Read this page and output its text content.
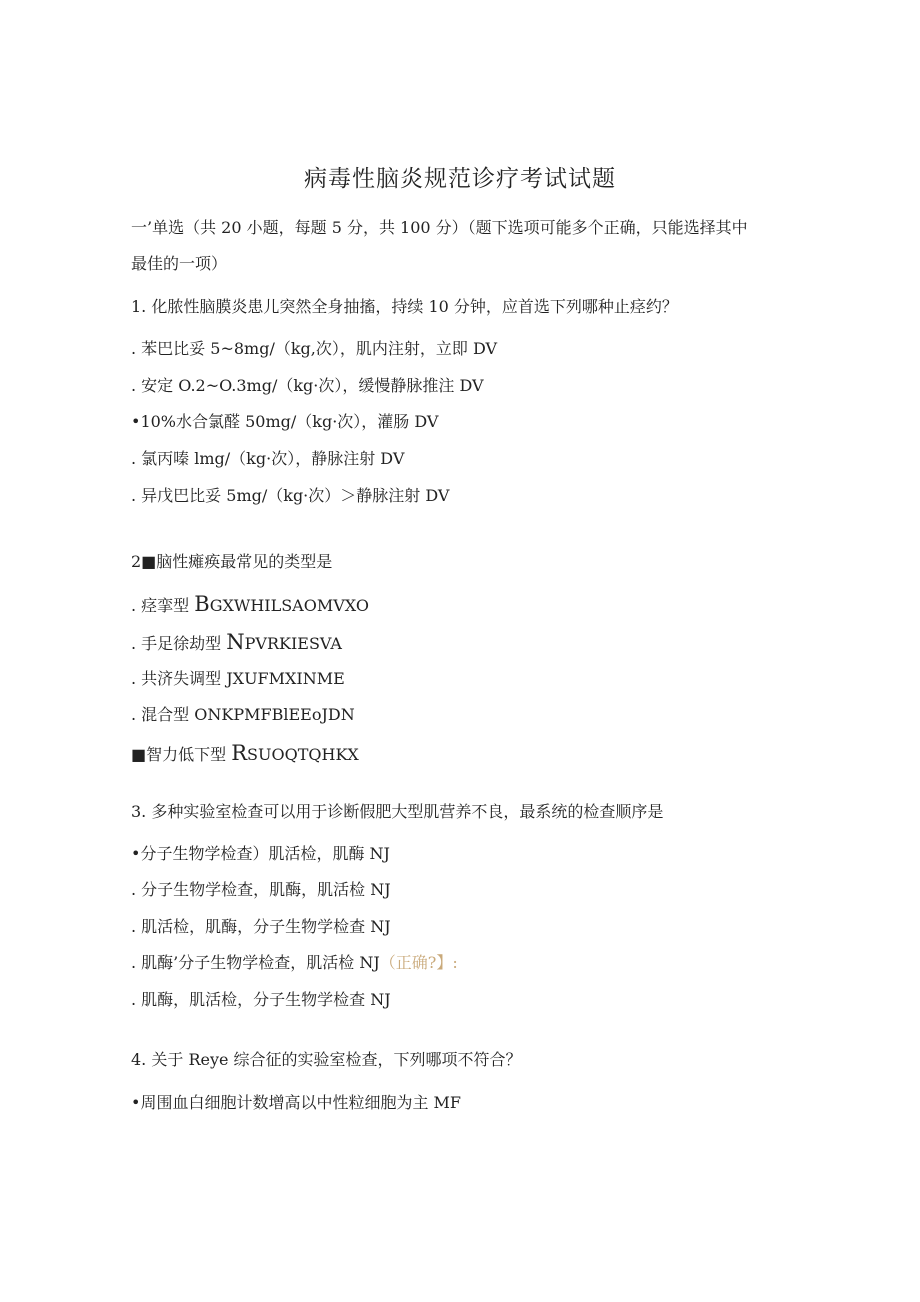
病毒性脑炎规范诊疗考试试题
一’单选（共 20 小题，每题 5 分，共 100 分）（题下选项可能多个正确，只能选择其中
最佳的一项）
1. 化脓性脑膜炎患儿突然全身抽搐，持续 10 分钟，应首选下列哪种止痉约？
. 苯巴比妥 5~8mg/（kg,次），肌内注射，立即 DV
. 安定 O.2~O.3mg/（kg·次），缓慢静脉推注 DV
•10%水合氯醛 50mg/（kg·次），灌肠 DV
. 氯丙嗪 lmg/（kg·次），静脉注射 DV
. 异戊巴比妥 5mg/（kg·次）＞静脉注射 DV
2■脑性瘫痪最常见的类型是
. 痉挛型 BGXWHILSAOMVXO
. 手足徐劫型 NPVRKIESVA
. 共济失调型 JXUFMXINME
. 混合型 ONKPMFBlEEoJDN
■智力低下型 RSUOQTQHKX
3. 多种实验室检查可以用于诊断假肥大型肌营养不良，最系统的检查顺序是
•分子生物学检查）肌活检，肌酶 NJ
. 分子生物学检查，肌酶，肌活检 NJ
. 肌活检，肌酶，分子生物学检查 NJ
. 肌酶’分子生物学检查，肌活检 NJ（正确?】:
. 肌酶，肌活检，分子生物学检查 NJ
4. 关于 Reye 综合征的实验室检查，下列哪项不符合？
•周围血白细胞计数增高以中性粒细胞为主 MF
